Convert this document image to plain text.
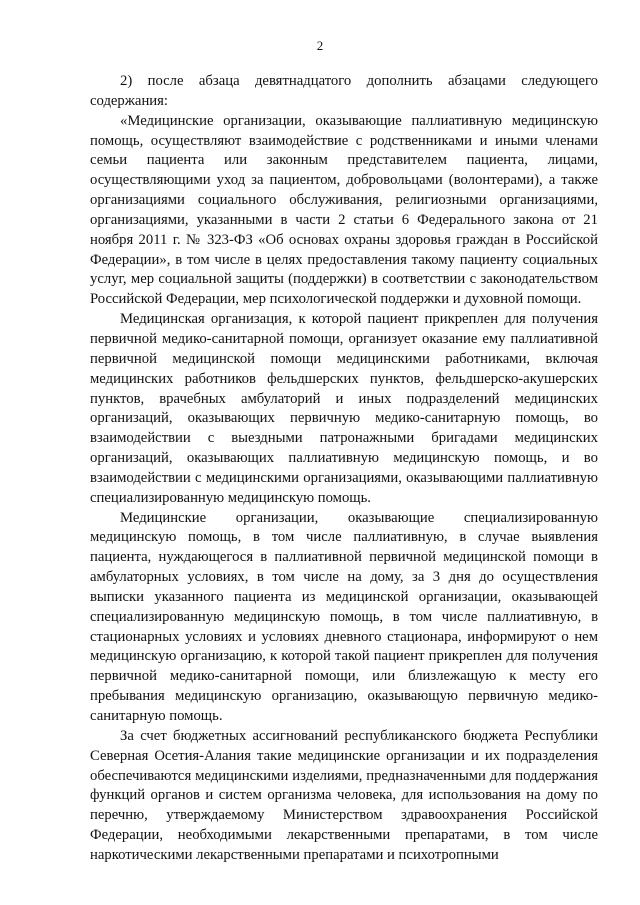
2

2) после абзаца девятнадцатого дополнить абзацами следующего содержания:

«Медицинские организации, оказывающие паллиативную медицинскую помощь, осуществляют взаимодействие с родственниками и иными членами семьи пациента или законным представителем пациента, лицами, осуществляющими уход за пациентом, добровольцами (волонтерами), а также организациями социального обслуживания, религиозными организациями, организациями, указанными в части 2 статьи 6 Федерального закона от 21 ноября 2011 г. № 323-ФЗ «Об основах охраны здоровья граждан в Российской Федерации», в том числе в целях предоставления такому пациенту социальных услуг, мер социальной защиты (поддержки) в соответствии с законодательством Российской Федерации, мер психологической поддержки и духовной помощи.

Медицинская организация, к которой пациент прикреплен для получения первичной медико-санитарной помощи, организует оказание ему паллиативной первичной медицинской помощи медицинскими работниками, включая медицинских работников фельдшерских пунктов, фельдшерско-акушерских пунктов, врачебных амбулаторий и иных подразделений медицинских организаций, оказывающих первичную медико-санитарную помощь, во взаимодействии с выездными патронажными бригадами медицинских организаций, оказывающих паллиативную медицинскую помощь, и во взаимодействии с медицинскими организациями, оказывающими паллиативную специализированную медицинскую помощь.

Медицинские организации, оказывающие специализированную медицинскую помощь, в том числе паллиативную, в случае выявления пациента, нуждающегося в паллиативной первичной медицинской помощи в амбулаторных условиях, в том числе на дому, за 3 дня до осуществления выписки указанного пациента из медицинской организации, оказывающей специализированную медицинскую помощь, в том числе паллиативную, в стационарных условиях и условиях дневного стационара, информируют о нем медицинскую организацию, к которой такой пациент прикреплен для получения первичной медико-санитарной помощи, или близлежащую к месту его пребывания медицинскую организацию, оказывающую первичную медико-санитарную помощь.

За счет бюджетных ассигнований республиканского бюджета Республики Северная Осетия-Алания такие медицинские организации и их подразделения обеспечиваются медицинскими изделиями, предназначенными для поддержания функций органов и систем организма человека, для использования на дому по перечню, утверждаемому Министерством здравоохранения Российской Федерации, необходимыми лекарственными препаратами, в том числе наркотическими лекарственными препаратами и психотропными
